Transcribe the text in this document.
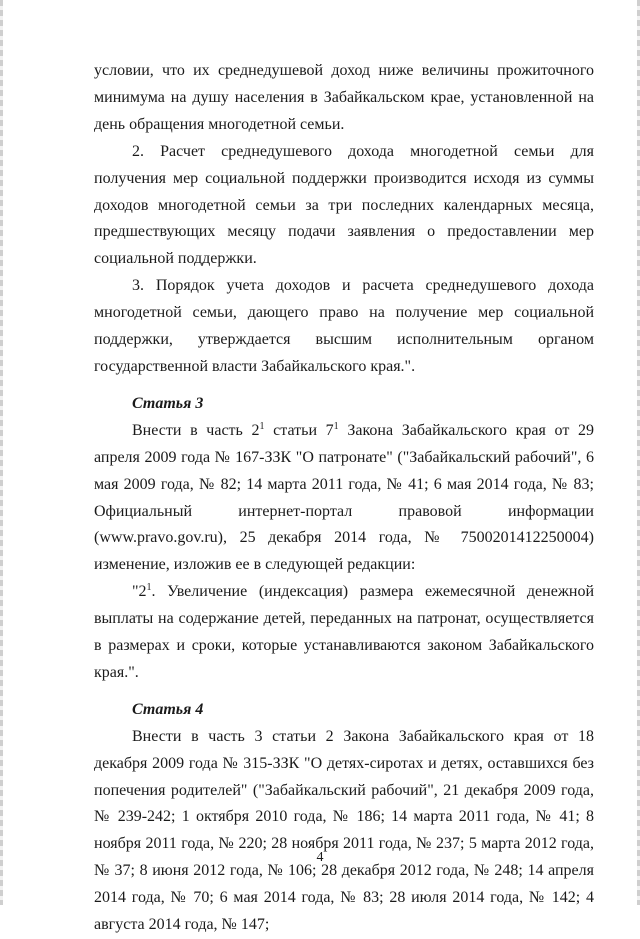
условии, что их среднедушевой доход ниже величины прожиточного минимума на душу населения в Забайкальском крае, установленной на день обращения многодетной семьи.

2. Расчет среднедушевого дохода многодетной семьи для получения мер социальной поддержки производится исходя из суммы доходов многодетной семьи за три последних календарных месяца, предшествующих месяцу подачи заявления о предоставлении мер социальной поддержки.

3. Порядок учета доходов и расчета среднедушевого дохода многодетной семьи, дающего право на получение мер социальной поддержки, утверждается высшим исполнительным органом государственной власти Забайкальского края.".

Статья 3

Внести в часть $2^1$ статьи $7^1$ Закона Забайкальского края от 29 апреля 2009 года № 167-ЗЗК "О патронате" ("Забайкальский рабочий", 6 мая 2009 года, № 82; 14 марта 2011 года, № 41; 6 мая 2014 года, № 83; Официальный интернет-портал правовой информации (www.pravo.gov.ru), 25 декабря 2014 года, № 7500201412250004) изменение, изложив ее в следующей редакции:

"$2^1$. Увеличение (индексация) размера ежемесячной денежной выплаты на содержание детей, переданных на патронат, осуществляется в размерах и сроки, которые устанавливаются законом Забайкальского края.".

Статья 4

Внести в часть 3 статьи 2 Закона Забайкальского края от 18 декабря 2009 года № 315-ЗЗК "О детях-сиротах и детях, оставшихся без попечения родителей" ("Забайкальский рабочий", 21 декабря 2009 года, № 239-242; 1 октября 2010 года, № 186; 14 марта 2011 года, № 41; 8 ноября 2011 года, № 220; 28 ноября 2011 года, № 237; 5 марта 2012 года, № 37; 8 июня 2012 года, № 106; 28 декабря 2012 года, № 248; 14 апреля 2014 года, № 70; 6 мая 2014 года, № 83; 28 июля 2014 года, № 142; 4 августа 2014 года, № 147;

4
